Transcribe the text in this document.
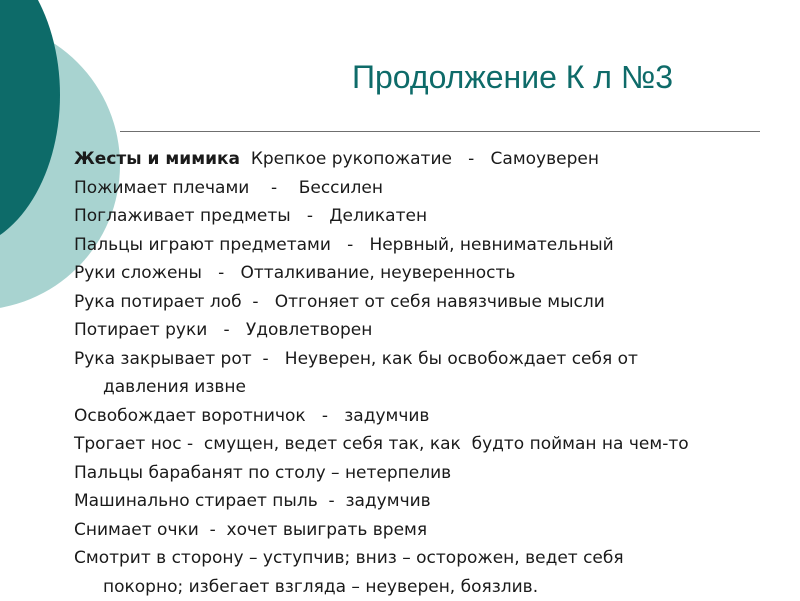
Продолжение К л №3
Жесты и мимика  Крепкое рукопожатие   -   Самоуверен
Пожимает плечами    -    Бессилен
Поглаживает предметы   -   Деликатен
Пальцы играют предметами   -   Нервный, невнимательный
Руки сложены   -   Отталкивание, неуверенность
Рука потирает лоб  -   Отгоняет от себя навязчивые мысли
Потирает руки   -   Удовлетворен
Рука закрывает рот  -   Неуверен, как бы освобождает себя от
давления извне
Освобождает воротничок   -   задумчив
Трогает нос -  смущен, ведет себя так, как  будто пойман на чем-то
Пальцы барабанят по столу – нетерпелив
Машинально стирает пыль  -  задумчив
Снимает очки  -  хочет выиграть время
Смотрит в сторону – уступчив; вниз – осторожен, ведет себя
покорно; избегает взгляда – неуверен, боязлив.
